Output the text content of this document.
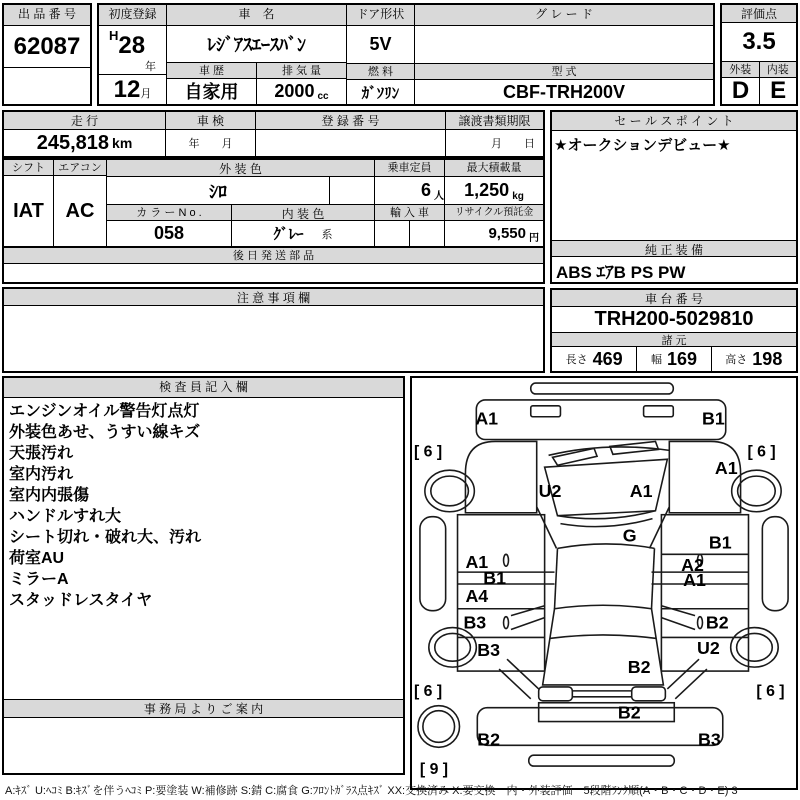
出 品 番 号
62087
初度登録
H 28
年
12 月
車　名
ﾚｼﾞｱｽｴｰｽﾊﾞﾝ
車 歴
自家用
排 気 量
2000 cc
ドア形状
5V
燃 料
ｶﾞｿﾘﾝ
グ レ ー ド
型 式
CBF-TRH200V
評価点
3.5
外装	内装
D E
走 行
245,818 km
車 検
年　　月
登 録 番 号	譲渡書類期限
月　　日
シフト
IAT
エアコン
AC
外 装 色	乗車定員	最大積載量
ｼﾛ	6 人 1,250 kg
カ ラ ー N o .	内 装 色	輸 入 車	リサイクル預託金
058	ｸﾞﾚｰ 系	9,550 円
後 日 発 送 部 品
注 意 事 項 欄
セ ー ル ス ポ イ ン ト
★オークションデビュー★
純 正 装 備
ABS ｴｱB PS PW
車 台 番 号
TRH200-5029810
諸 元
長さ 469	幅 169	高さ 198
検 査 員 記 入 欄
エンジンオイル警告灯点灯
外装色あせ、うすい線キズ
天張汚れ
室内汚れ
室内内張傷
ハンドルすれ大
シート切れ・破れ大、汚れ
荷室AU
ミラーA
スタッドレスタイヤ
事 務 局 よ り ご 案 内
A1	B1
[ 6 ]	[ 6 ]
A1
U2	A1
G	B1
A1	A2
B1	A1
A4
B3	B2
B3	U2
B2
[ 6 ]	[ 6 ]
B2
B2	B3
[ 9 ]
A:ｷｽﾞ U:ﾍｺﾐ B:ｷｽﾞを伴うﾍｺﾐ P:要塗装 W:補修跡 S:錆 C:腐食 G:ﾌﾛﾝﾄｶﾞﾗｽ点ｷｽﾞ XX:交換済み X:要交換　内・外装評価　5段階ﾗﾝｸ順(A・B・C・D・E) 3
